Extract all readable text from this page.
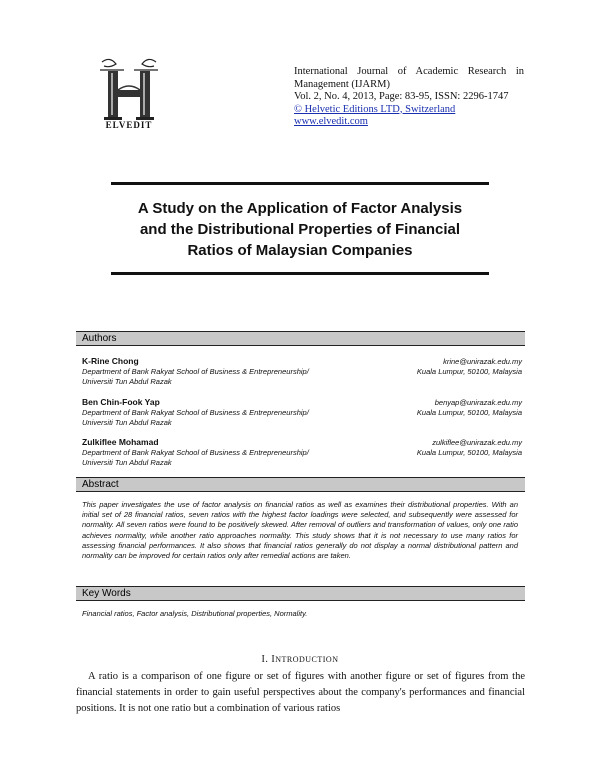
ELVEDIT
International Journal of Academic Research in
Management (IJARM)
Vol. 2, No. 4, 2013, Page: 83-95, ISSN: 2296-1747
© Helvetic Editions LTD, Switzerland
www.elvedit.com
A Study on the Application of Factor Analysis
and the Distributional Properties of Financial
Ratios of Malaysian Companies
Authors
K-Rine Chong
Department of Bank Rakyat School of Business & Entrepreneurship/
Universiti Tun Abdul Razak
krine@unirazak.edu.my
Kuala Lumpur, 50100, Malaysia
Ben Chin-Fook Yap
Department of Bank Rakyat School of Business & Entrepreneurship/
Universiti Tun Abdul Razak
benyap@unirazak.edu.my
Kuala Lumpur, 50100, Malaysia
Zulkiflee Mohamad
Department of Bank Rakyat School of Business & Entrepreneurship/
Universiti Tun Abdul Razak
zulkiflee@unirazak.edu.my
Kuala Lumpur, 50100, Malaysia
Abstract
This paper investigates the use of factor analysis on financial ratios as well as examines their distributional properties. With an initial set of 28 financial ratios, seven ratios with the highest factor loadings were selected, and subsequently were assessed for normality. All seven ratios were found to be positively skewed. After removal of outliers and transformation of values, only one ratio achieves normality, while another ratio approaches normality. This study shows that it is not necessary to use many ratios for assessing financial performances. It also shows that financial ratios generally do not display a normal distributional pattern and normality can be improved for certain ratios only after remedial actions are taken.
Key Words
Financial ratios, Factor analysis, Distributional properties, Normality.
I. INTRODUCTION
A ratio is a comparison of one figure or set of figures with another figure or set of figures from the financial statements in order to gain useful perspectives about the company's performances and financial positions. It is not one ratio but a combination of various ratios
